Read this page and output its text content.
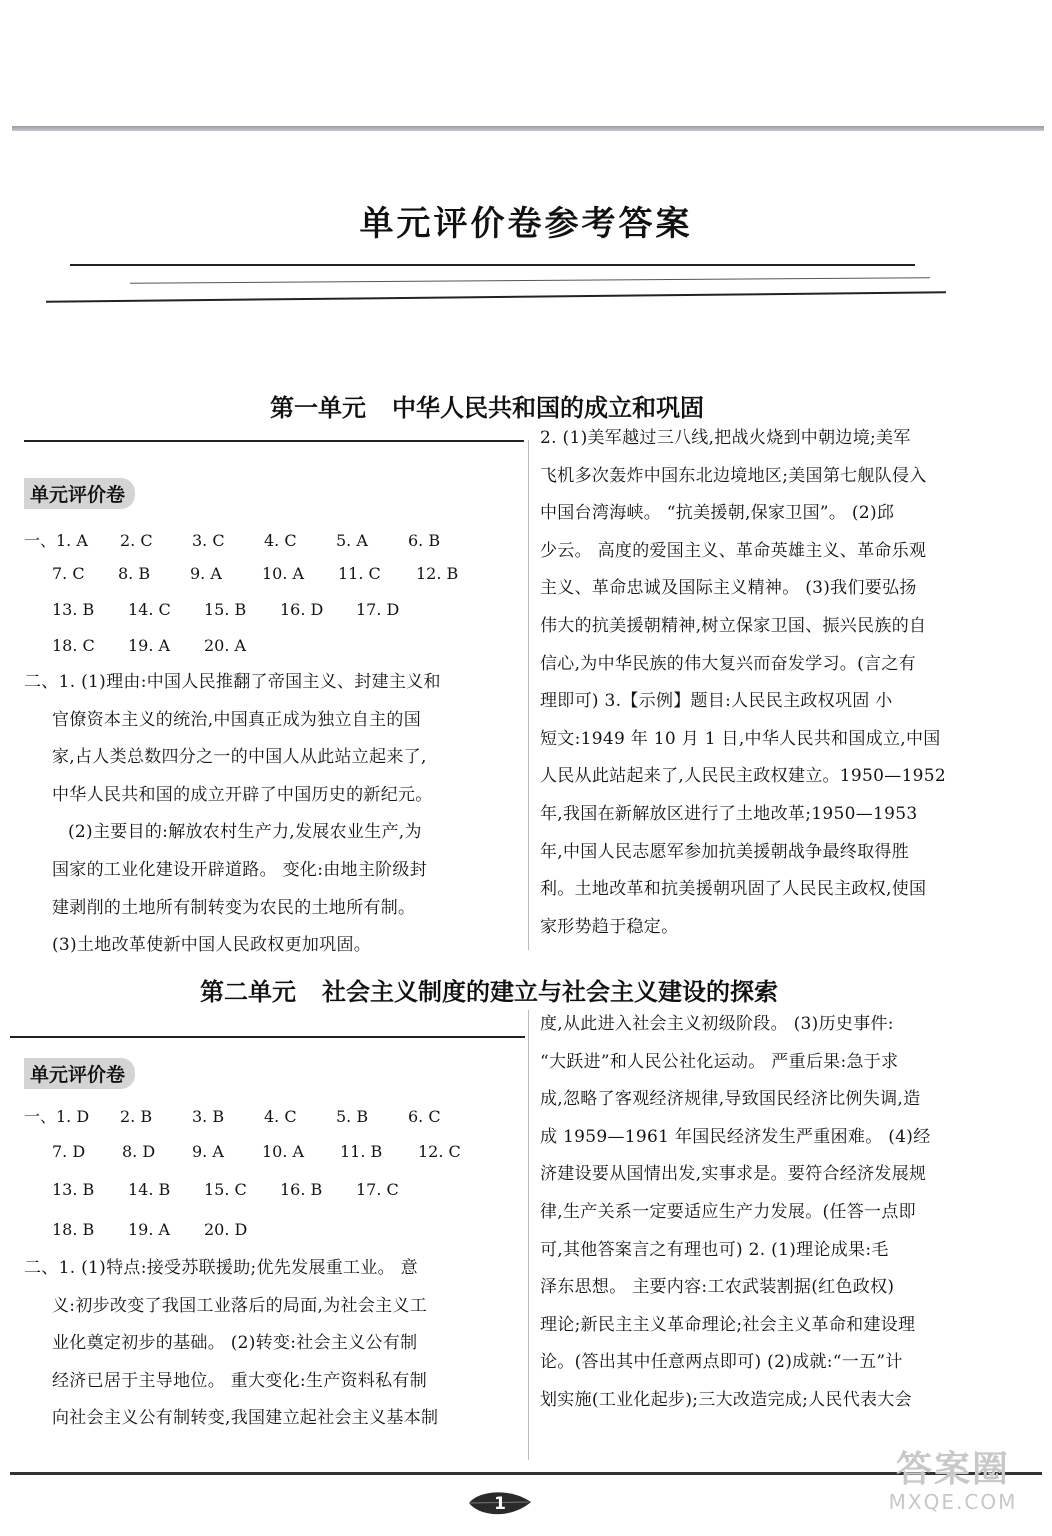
单元评价卷参考答案
第一单元 中华人民共和国的成立和巩固
单元评价卷
一、1. A 2. C 3. C 4. C 5. A	6. B
7. C 8. B 9. A	10. A 11. C 12. B
13. B 14. C 15. B 16. D 17. D
18. C 19. A 20. A
二、1. (1)理由:中国人民推翻了帝国主义、封建主义和
官僚资本主义的统治,中国真正成为独立自主的国
家,占人类总数四分之一的中国人从此站立起来了,
中华人民共和国的成立开辟了中国历史的新纪元。
(2)主要目的:解放农村生产力,发展农业生产,为
国家的工业化建设开辟道路。 变化:由地主阶级封
建剥削的土地所有制转变为农民的土地所有制。
(3)土地改革使新中国人民政权更加巩固。
2. (1)美军越过三八线,把战火烧到中朝边境;美军
飞机多次轰炸中国东北边境地区;美国第七舰队侵入
中国台湾海峡。 “抗美援朝,保家卫国”。 (2)邱
少云。 高度的爱国主义、革命英雄主义、革命乐观
主义、革命忠诚及国际主义精神。 (3)我们要弘扬
伟大的抗美援朝精神,树立保家卫国、振兴民族的自
信心,为中华民族的伟大复兴而奋发学习。(言之有
理即可) 3.【示例】题目:人民民主政权巩固 小
短文:1949 年 10 月 1 日,中华人民共和国成立,中国
人民从此站起来了,人民民主政权建立。1950—1952
年,我国在新解放区进行了土地改革;1950—1953
年,中国人民志愿军参加抗美援朝战争最终取得胜
利。土地改革和抗美援朝巩固了人民民主政权,使国
家形势趋于稳定。
第二单元 社会主义制度的建立与社会主义建设的探索
单元评价卷
一、1. D 2. B 3. B 4. C 5. B 6. C
7. D 8. D 9. A 10. A 11. B 12. C
13. B 14. B 15. C 16. B 17. C
18. B 19. A 20. D
二、1. (1)特点:接受苏联援助;优先发展重工业。 意
义:初步改变了我国工业落后的局面,为社会主义工
业化奠定初步的基础。 (2)转变:社会主义公有制
经济已居于主导地位。 重大变化:生产资料私有制
向社会主义公有制转变,我国建立起社会主义基本制
度,从此进入社会主义初级阶段。 (3)历史事件:
“大跃进”和人民公社化运动。 严重后果:急于求
成,忽略了客观经济规律,导致国民经济比例失调,造
成 1959—1961 年国民经济发生严重困难。 (4)经
济建设要从国情出发,实事求是。要符合经济发展规
律,生产关系一定要适应生产力发展。(任答一点即
可,其他答案言之有理也可) 2. (1)理论成果:毛
泽东思想。 主要内容:工农武装割据(红色政权)
理论;新民主主义革命理论;社会主义革命和建设理
论。(答出其中任意两点即可) (2)成就:“一五”计
划实施(工业化起步);三大改造完成;人民代表大会
1
答案圈
MXQE.COM
